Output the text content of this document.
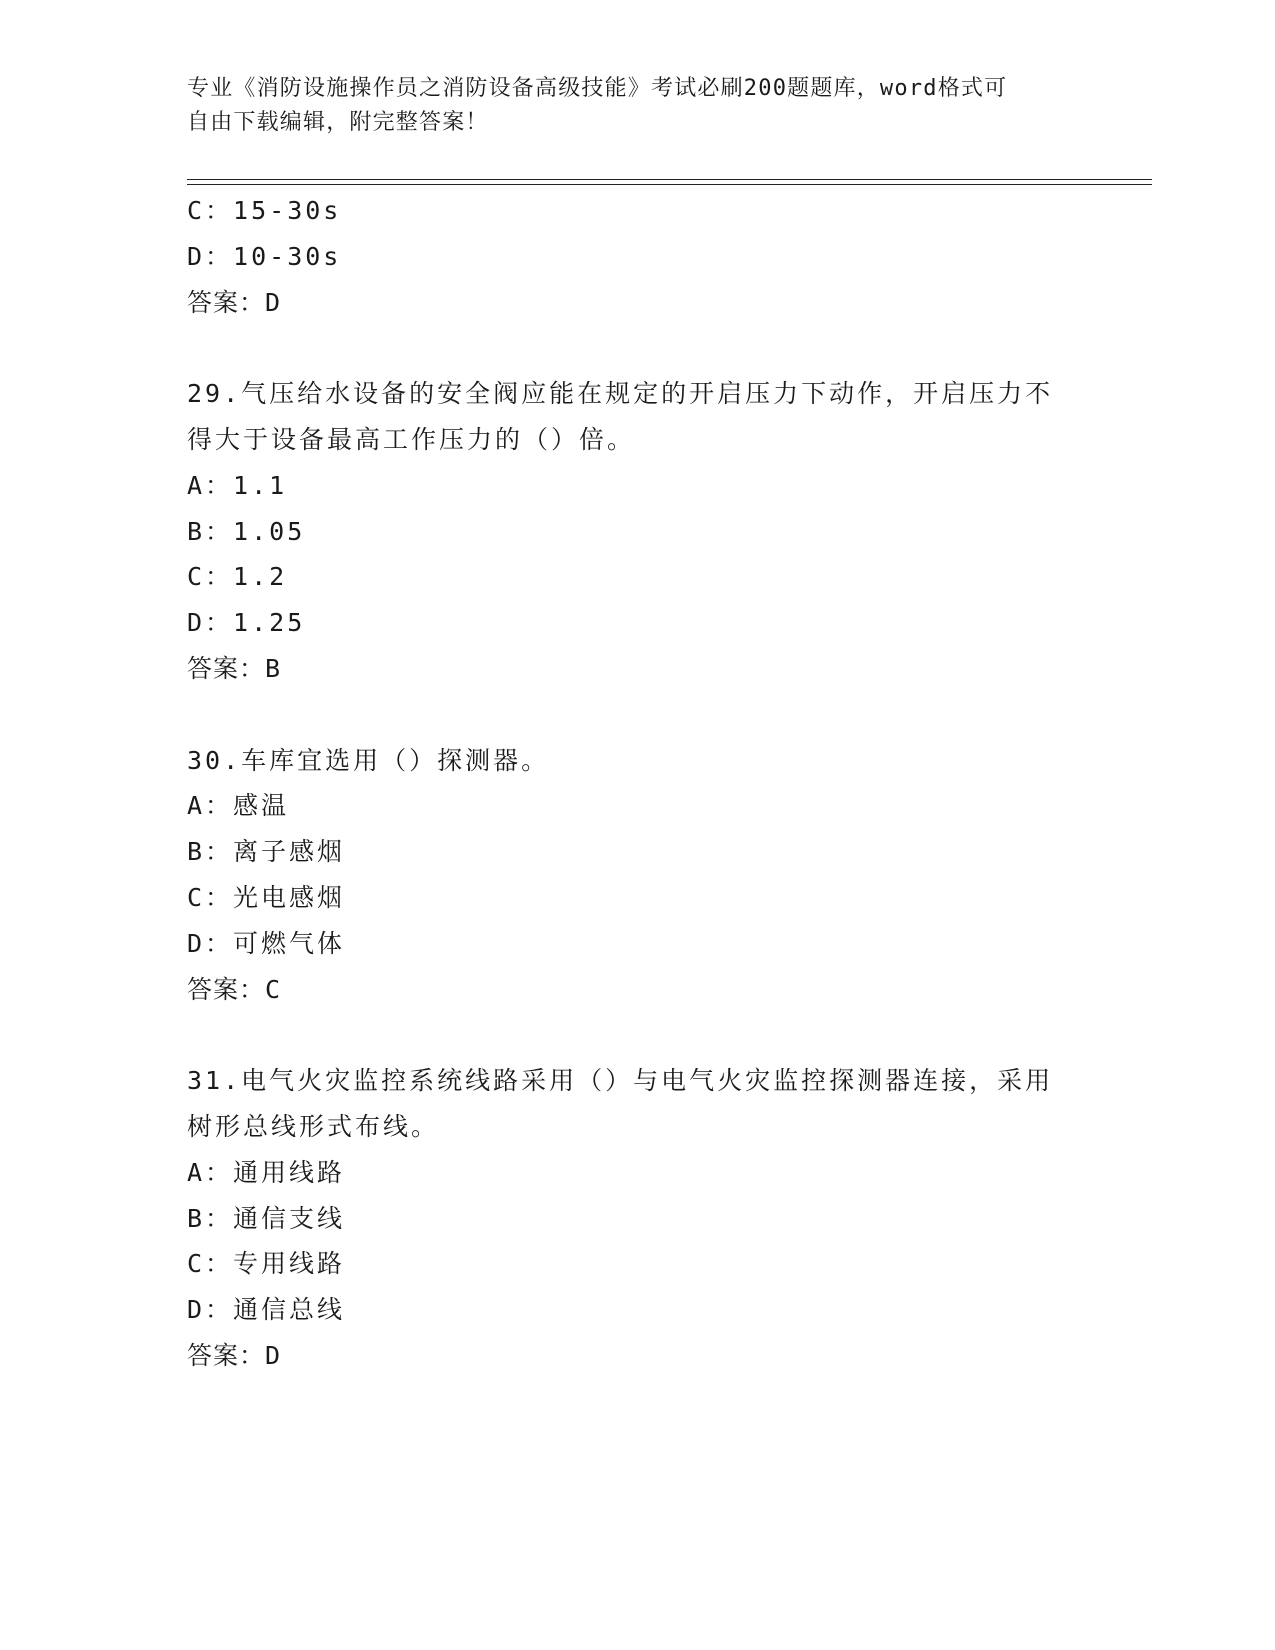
专业《消防设施操作员之消防设备高级技能》考试必刷200题题库，word格式可
自由下载编辑，附完整答案！
C：15-30s
D：10-30s
答案：D
29.气压给水设备的安全阀应能在规定的开启压力下动作，开启压力不
得大于设备最高工作压力的（）倍。
A：1.1
B：1.05
C：1.2
D：1.25
答案：B
30.车库宜选用（）探测器。
A：感温
B：离子感烟
C：光电感烟
D：可燃气体
答案：C
31.电气火灾监控系统线路采用（）与电气火灾监控探测器连接，采用
树形总线形式布线。
A：通用线路
B：通信支线
C：专用线路
D：通信总线
答案：D
